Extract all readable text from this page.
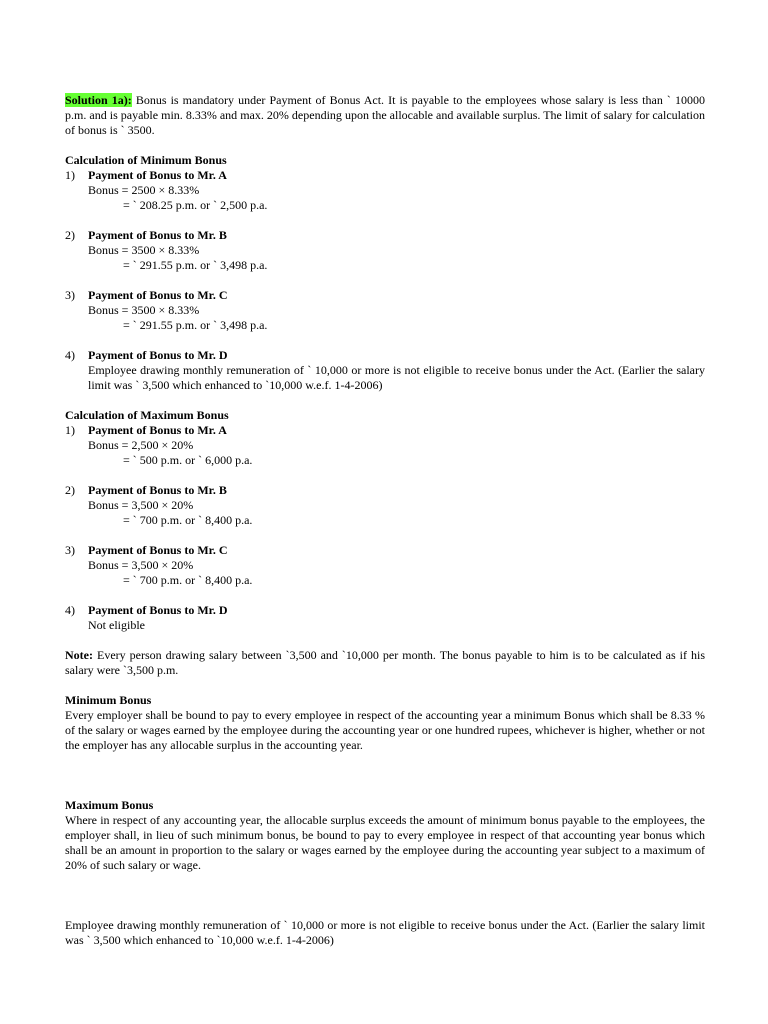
Solution 1a): Bonus is mandatory under Payment of Bonus Act. It is payable to the employees whose salary is less than ` 10000 p.m. and is payable min. 8.33% and max. 20% depending upon the allocable and available surplus. The limit of salary for calculation of bonus is ` 3500.

Calculation of Minimum Bonus
1) Payment of Bonus to Mr. A
Bonus = 2500 × 8.33%
= ` 208.25 p.m. or ` 2,500 p.a.
2) Payment of Bonus to Mr. B
Bonus = 3500 × 8.33%
= ` 291.55 p.m. or ` 3,498 p.a.
3) Payment of Bonus to Mr. C
Bonus = 3500 × 8.33%
= ` 291.55 p.m. or ` 3,498 p.a.
4) Payment of Bonus to Mr. D
Employee drawing monthly remuneration of ` 10,000 or more is not eligible to receive bonus under the Act. (Earlier the salary limit was ` 3,500 which enhanced to `10,000 w.e.f. 1-4-2006)
Calculation of Maximum Bonus
1) Payment of Bonus to Mr. A
Bonus = 2,500 × 20%
= ` 500 p.m. or ` 6,000 p.a.
2) Payment of Bonus to Mr. B
Bonus = 3,500 × 20%
= ` 700 p.m. or ` 8,400 p.a.
3) Payment of Bonus to Mr. C
Bonus = 3,500 × 20%
= ` 700 p.m. or ` 8,400 p.a.
4) Payment of Bonus to Mr. D
Not eligible

Note: Every person drawing salary between `3,500 and `10,000 per month. The bonus payable to him is to be calculated as if his salary were `3,500 p.m.

Minimum Bonus

Every employer shall be bound to pay to every employee in respect of the accounting year a minimum Bonus which shall be 8.33 % of the salary or wages earned by the employee during the accounting year or one hundred rupees, whichever is higher, whether or not the employer has any allocable surplus in the accounting year.

Maximum Bonus

Where in respect of any accounting year, the allocable surplus exceeds the amount of minimum bonus payable to the employees, the employer shall, in lieu of such minimum bonus, be bound to pay to every employee in respect of that accounting year bonus which shall be an amount in proportion to the salary or wages earned by the employee during the accounting year subject to a maximum of 20% of such salary or wage.

Employee drawing monthly remuneration of ` 10,000 or more is not eligible to receive bonus under the Act. (Earlier the salary limit was ` 3,500 which enhanced to `10,000 w.e.f. 1-4-2006)
